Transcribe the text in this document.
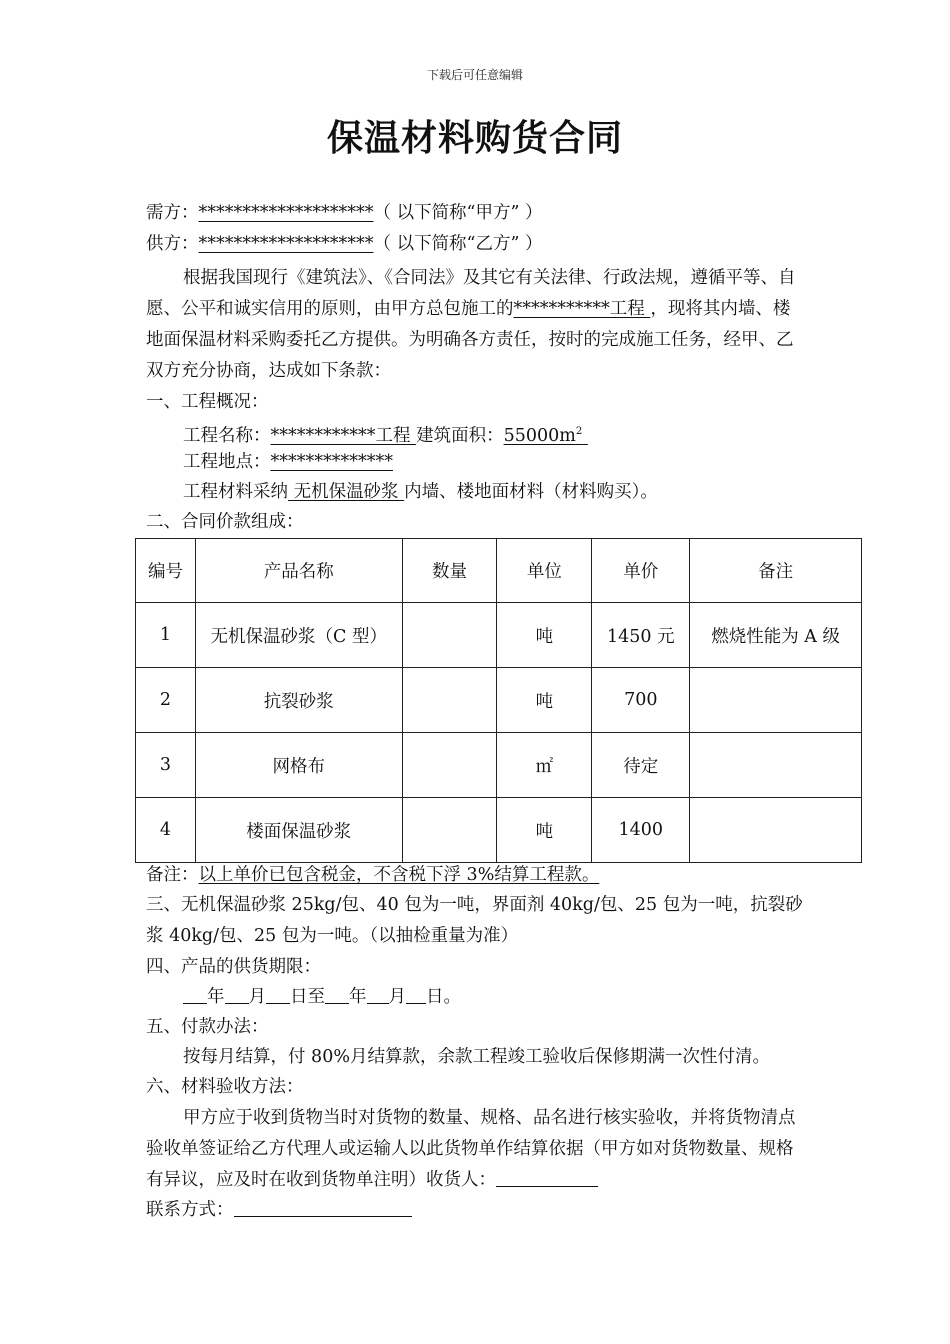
下载后可任意编辑
保温材料购货合同
需方：********************（ 以下简称“甲方” ）
供方：********************（ 以下简称“乙方” ）
根据我国现行《建筑法》、《合同法》及其它有关法律、行政法规，遵循平等、自愿、公平和诚实信用的原则，由甲方总包施工的***********工程 ，现将其内墙、楼地面保温材料采购委托乙方提供。为明确各方责任，按时的完成施工任务，经甲、乙双方充分协商，达成如下条款：
一、工程概况：
工程名称：************工程 建筑面积：$55000m^2$
工程地点：**************
工程材料采纳 无机保温砂浆 内墙、楼地面材料（材料购买）。
二、合同价款组成：
编号	产品名称	数量	单位	单价	备注
1	无机保温砂浆（C 型）		吨	1450 元	燃烧性能为 A 级
2	抗裂砂浆		吨	700	
3	网格布		㎡	待定	
4	楼面保温砂浆		吨	1400	
备注：以上单价已包含税金，不含税下浮 3%结算工程款。
三、无机保温砂浆 25kg/包、40 包为一吨，界面剂 40kg/包、25 包为一吨，抗裂砂浆 40kg/包、25 包为一吨。（以抽检重量为准）
四、产品的供货期限：
年 月 日至 年 月 日。
五、付款办法：
按每月结算，付 80%月结算款，余款工程竣工验收后保修期满一次性付清。
六、材料验收方法：
甲方应于收到货物当时对货物的数量、规格、品名进行核实验收，并将货物清点验收单签证给乙方代理人或运输人以此货物单作结算依据（甲方如对货物数量、规格有异议，应及时在收到货物单注明）收货人：
联系方式：
